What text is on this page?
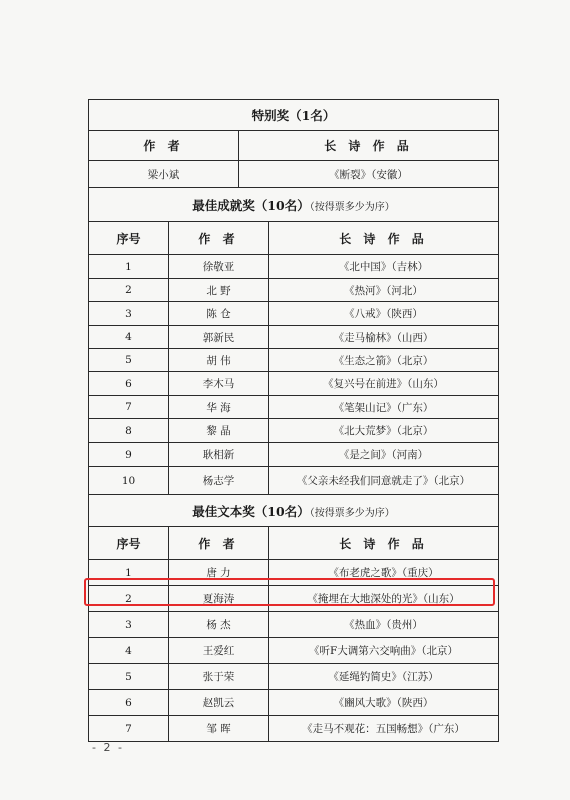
特别奖（1名）			
作 者		长 诗 作 品	
梁小斌		《断裂》（安徽）	
最佳成就奖（10名）（按得票多少为序）			
序号	作 者		长 诗 作 品
1	徐敬亚		《北中国》（吉林）
2	北 野		《热河》（河北）
3	陈 仓		《八戒》（陕西）
4	郭新民		《走马榆林》（山西）
5	胡 伟		《生态之箭》（北京）
6	李木马		《复兴号在前进》（山东）
7	华 海		《笔架山记》（广东）
8	黎 晶		《北大荒梦》（北京）
9	耿相新		《是之间》（河南）
10	杨志学		《父亲未经我们同意就走了》（北京）
最佳文本奖（10名）（按得票多少为序）			
序号	作 者		长 诗 作 品
1	唐 力		《布老虎之歌》（重庆）
2	夏海涛		《掩埋在大地深处的光》（山东）
3	杨 杰		《热血》（贵州）
4	王爱红		《听F大调第六交响曲》（北京）
5	张于荣		《延绳钓简史》（江苏）
6	赵凯云		《豳风大歌》（陕西）
7	邹 晖		《走马不观花：五国畅想》（广东）
- 2 -
